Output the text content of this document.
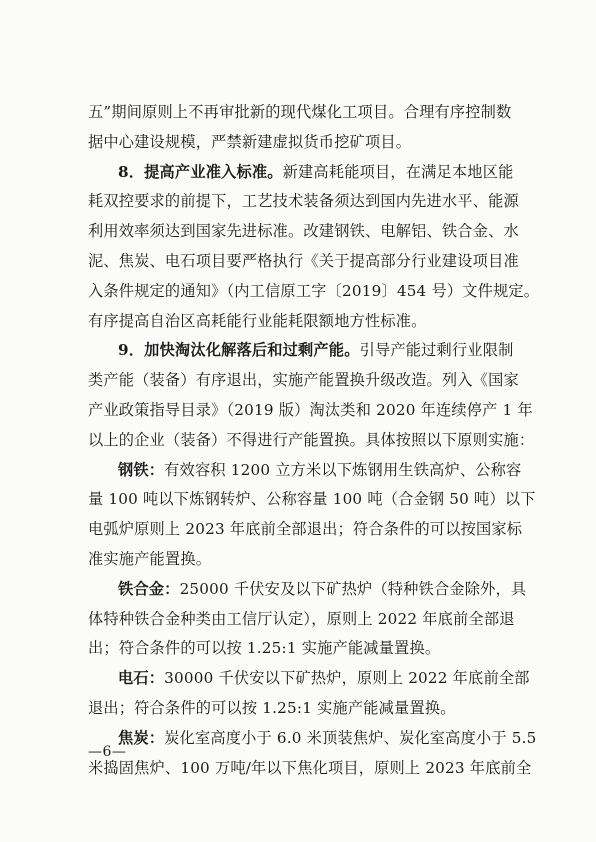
五”期间原则上不再审批新的现代煤化工项目。合理有序控制数
据中心建设规模，严禁新建虚拟货币挖矿项目。
8．提高产业准入标准。新建高耗能项目，在满足本地区能
耗双控要求的前提下，工艺技术装备须达到国内先进水平、能源
利用效率须达到国家先进标准。改建钢铁、电解铝、铁合金、水
泥、焦炭、电石项目要严格执行《关于提高部分行业建设项目准
入条件规定的通知》（内工信原工字〔2019〕454 号）文件规定。
有序提高自治区高耗能行业能耗限额地方性标准。
9．加快淘汰化解落后和过剩产能。引导产能过剩行业限制
类产能（装备）有序退出，实施产能置换升级改造。列入《国家
产业政策指导目录》（2019 版）淘汰类和 2020 年连续停产 1 年
以上的企业（装备）不得进行产能置换。具体按照以下原则实施：
钢铁：有效容积 1200 立方米以下炼钢用生铁高炉、公称容
量 100 吨以下炼钢转炉、公称容量 100 吨（合金钢 50 吨）以下
电弧炉原则上 2023 年底前全部退出；符合条件的可以按国家标
准实施产能置换。
铁合金：25000 千伏安及以下矿热炉（特种铁合金除外，具
体特种铁合金种类由工信厅认定），原则上 2022 年底前全部退
出；符合条件的可以按 1.25:1 实施产能减量置换。
电石：30000 千伏安以下矿热炉，原则上 2022 年底前全部
退出；符合条件的可以按 1.25:1 实施产能减量置换。
焦炭：炭化室高度小于 6.0 米顶装焦炉、炭化室高度小于 5.5
米捣固焦炉、100 万吨/年以下焦化项目，原则上 2023 年底前全
—6—
